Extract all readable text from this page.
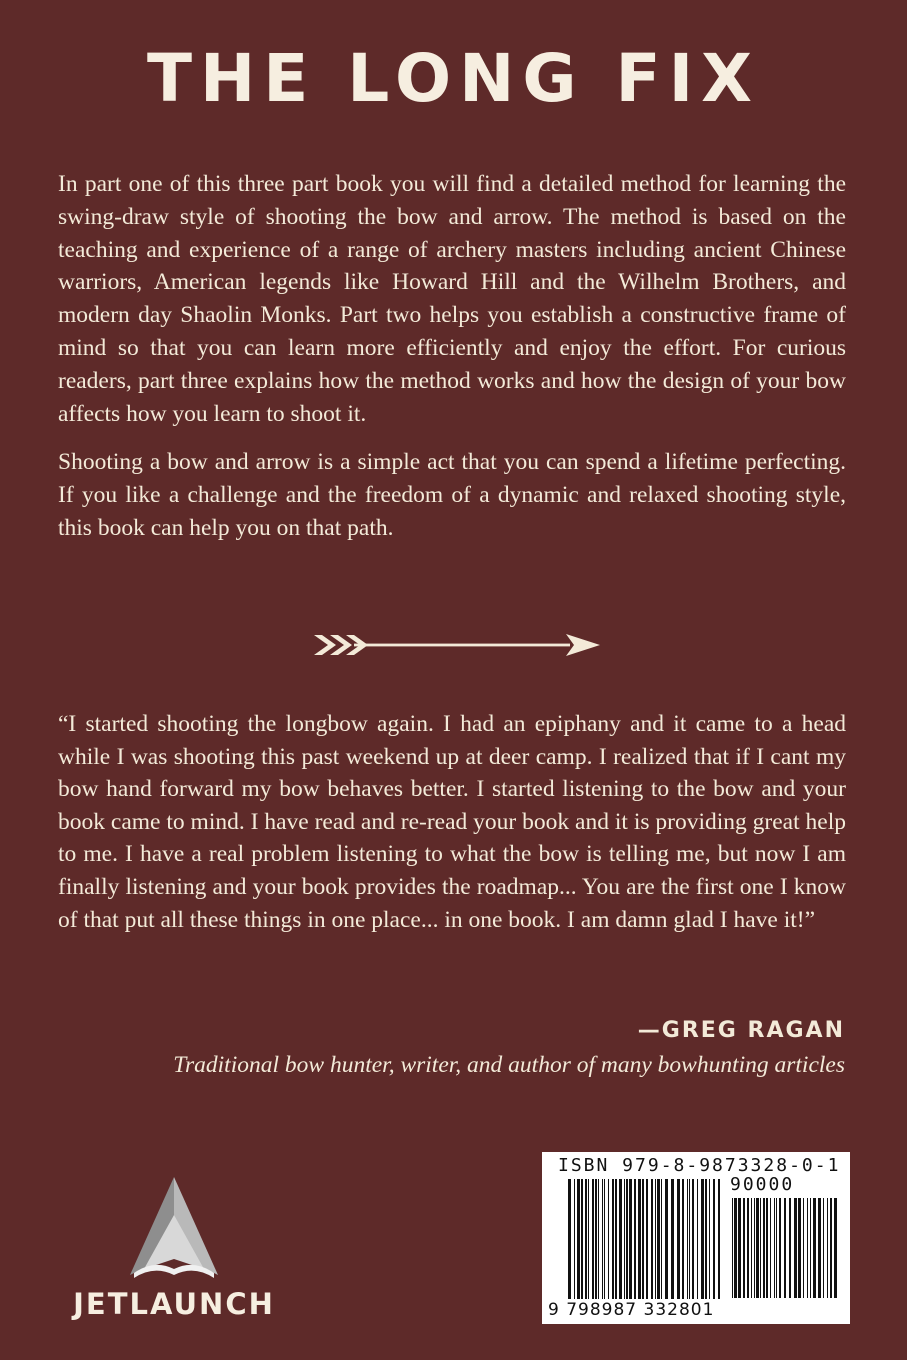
THE LONG FIX

In part one of this three part book you will find a detailed method for learning the swing-draw style of shooting the bow and arrow. The method is based on the teaching and experience of a range of archery masters including ancient Chinese warriors, American legends like Howard Hill and the Wilhelm Brothers, and modern day Shaolin Monks. Part two helps you establish a constructive frame of mind so that you can learn more efficiently and enjoy the effort. For curious readers, part three explains how the method works and how the design of your bow affects how you learn to shoot it.

Shooting a bow and arrow is a simple act that you can spend a lifetime perfecting. If you like a challenge and the freedom of a dynamic and relaxed shooting style, this book can help you on that path.

“I started shooting the longbow again. I had an epiphany and it came to a head while I was shooting this past weekend up at deer camp. I realized that if I cant my bow hand forward my bow behaves better. I started listening to the bow and your book came to mind. I have read and re-read your book and it is providing great help to me. I have a real problem listening to what the bow is telling me, but now I am finally listening and your book provides the roadmap... You are the first one I know of that put all these things in one place... in one book. I am damn glad I have it!”

—GREG RAGAN
Traditional bow hunter, writer, and author of many bowhunting articles
JETLAUNCH
ISBN 979-8-9873328-0-1
90000
9 798987 332801
